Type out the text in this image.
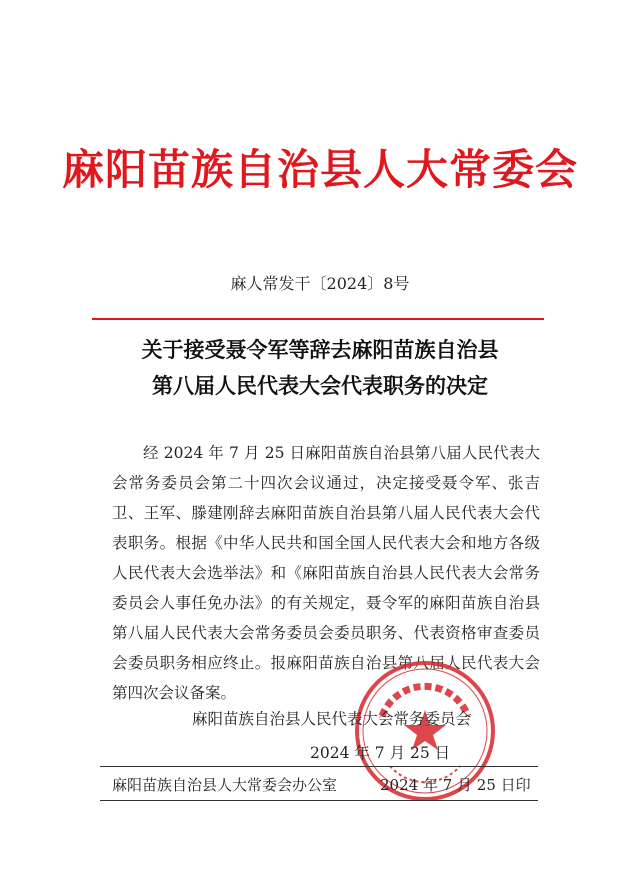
麻阳苗族自治县人大常委会
麻人常发干〔2024〕8号
关于接受聂令军等辞去麻阳苗族自治县
第八届人民代表大会代表职务的决定
经 2024 年 7 月 25 日麻阳苗族自治县第八届人民代表大会常务委员会第二十四次会议通过，决定接受聂令军、张吉卫、王军、滕建刚辞去麻阳苗族自治县第八届人民代表大会代表职务。根据《中华人民共和国全国人民代表大会和地方各级人民代表大会选举法》和《麻阳苗族自治县人民代表大会常务委员会人事任免办法》的有关规定，聂令军的麻阳苗族自治县第八届人民代表大会常务委员会委员职务、代表资格审查委员会委员职务相应终止。报麻阳苗族自治县第八届人民代表大会第四次会议备案。
麻阳苗族自治县人民代表大会常务委员会
2024 年 7 月 25 日
麻阳苗族自治县人大常委会办公室	2024 年 7 月 25 日印
